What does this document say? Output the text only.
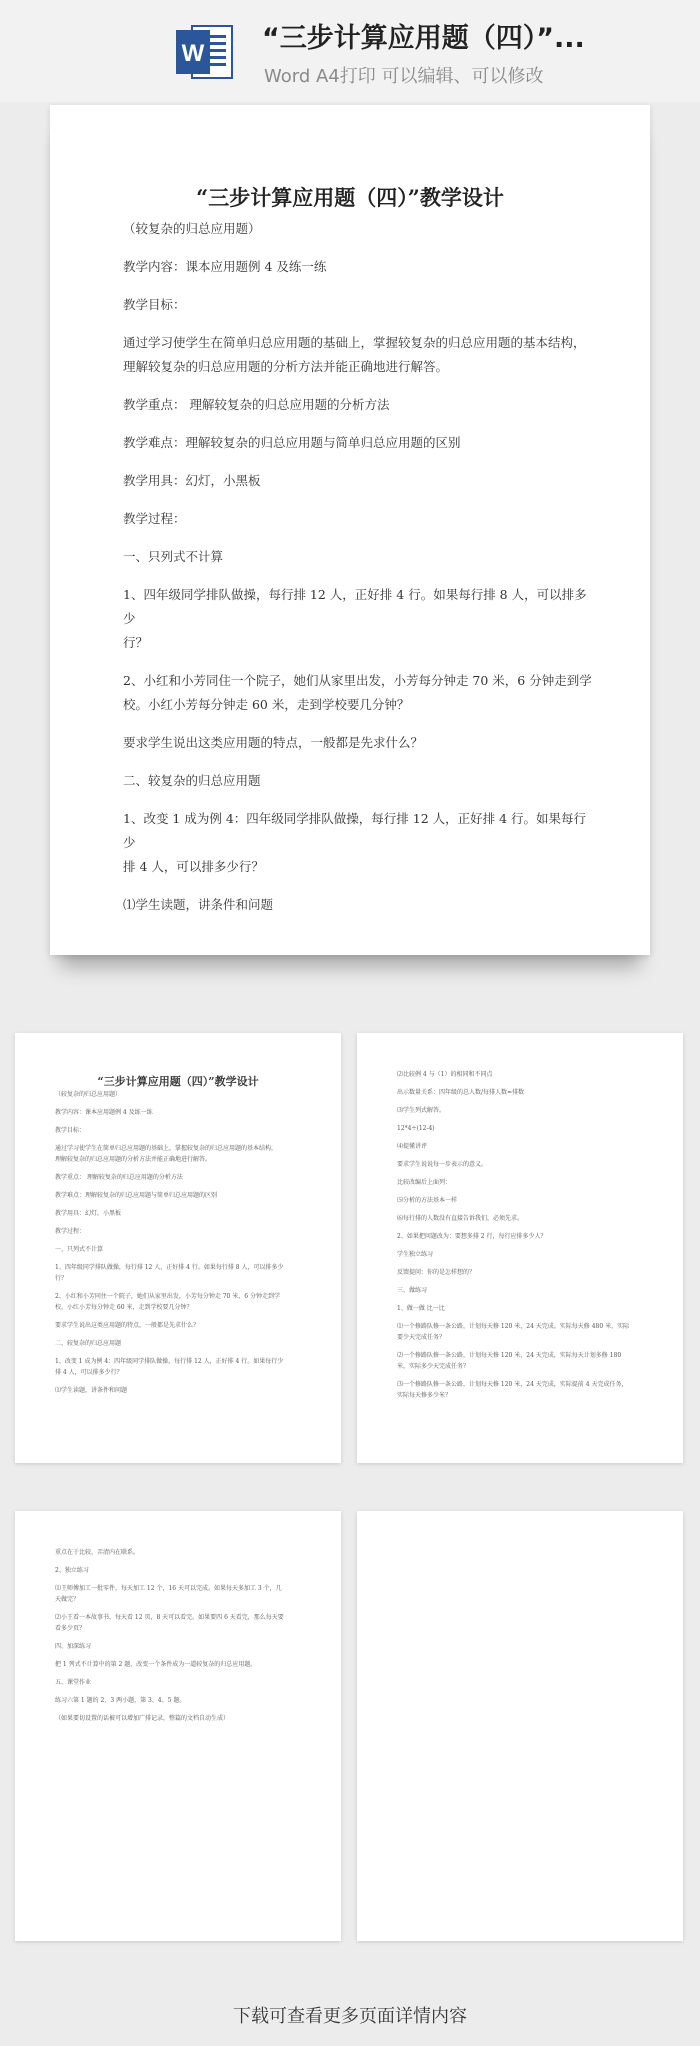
W “三步计算应用题（四）”...
Word A4打印 可以编辑、可以修改
“三步计算应用题（四）”教学设计
（较复杂的归总应用题）
教学内容：课本应用题例 4 及练一练
教学目标：
通过学习使学生在简单归总应用题的基础上，掌握较复杂的归总应用题的基本结构，
理解较复杂的归总应用题的分析方法并能正确地进行解答。
教学重点： 理解较复杂的归总应用题的分析方法
教学难点：理解较复杂的归总应用题与简单归总应用题的区别
教学用具：幻灯，小黑板
教学过程：
一、只列式不计算
1、四年级同学排队做操，每行排 12 人，正好排 4 行。如果每行排 8 人，可以排多少
行？
2、小红和小芳同住一个院子，她们从家里出发，小芳每分钟走 70 米，6 分钟走到学
校。小红小芳每分钟走 60 米，走到学校要几分钟？
要求学生说出这类应用题的特点，一般都是先求什么？
二、较复杂的归总应用题
1、改变 1 成为例 4：四年级同学排队做操，每行排 12 人，正好排 4 行。如果每行少
排 4 人，可以排多少行？
⑴学生读题，讲条件和问题
“三步计算应用题（四）”教学设计
（较复杂的归总应用题）
教学内容：课本应用题例 4 及练一练
教学目标：
通过学习使学生在简单归总应用题的基础上，掌握较复杂的归总应用题的基本结构，
理解较复杂的归总应用题的分析方法并能正确地进行解答。
教学重点： 理解较复杂的归总应用题的分析方法
教学难点：理解较复杂的归总应用题与简单归总应用题的区别
教学用具：幻灯，小黑板
教学过程：
一、只列式不计算
1、四年级同学排队做操，每行排 12 人，正好排 4 行。如果每行排 8 人，可以排多少
行？
2、小红和小芳同住一个院子，她们从家里出发，小芳每分钟走 70 米，6 分钟走到学
校。小红小芳每分钟走 60 米，走到学校要几分钟？
要求学生说出这类应用题的特点，一般都是先求什么？
二、较复杂的归总应用题
1、改变 1 成为例 4：四年级同学排队做操，每行排 12 人，正好排 4 行。如果每行少
排 4 人，可以排多少行？
⑴学生读题，讲条件和问题
⑵比较例 4 与（1）的相同和不同点
出示数量关系：四年级的总人数/每排人数=排数
⑶学生列式解答。
12*4÷(12-4)
⑷提懂讲评
要求学生说说每一步表示的意义。
比较改编后上面列：
⑸分析的方法基本一样
⑹每行排的人数没有直接告诉我们，必须先求。
2、如果把问题改为：要想多排 2 行，每行应排多少人？
学生独立练习
反馈提问：你的是怎样想的？
三、做练习
1、做一做 比一比
⑴一个修路队修一条公路，计划每天修 120 米，24 天完成。实际每天修 480 米，实际
要少天完成任务？
⑵一个修路队修一条公路，计划每天修 120 米，24 天完成，实际每天计划多修 180
米，实际多少天完成任务？
⑶一个修路队修一条公路，计划每天修 120 米，24 天完成，实际提前 4 天完成任务，
实际每天修多少米？
重点在于比较，弄清内在联系。
2、独立练习
⑴王师傅加工一批零件，每天加工 12 个，16 天可以完成。如果每天多加工 3 个，几
天做完？
⑵小王看一本故事书，每天看 12 页，8 天可以看完。如果要四 6 天看完，那么每天要
看多少页？
四、加深练习
把 1 列式不计算中的第 2 题，改变一个条件成为一道较复杂的归总应用题。
五、课堂作业
练习六第 1 题的 2、3 两小题，第 3、4、5 题。
（如果要切设置的话被可以增加广排记录，整篇的文档自动生成）
下载可查看更多页面详情内容
